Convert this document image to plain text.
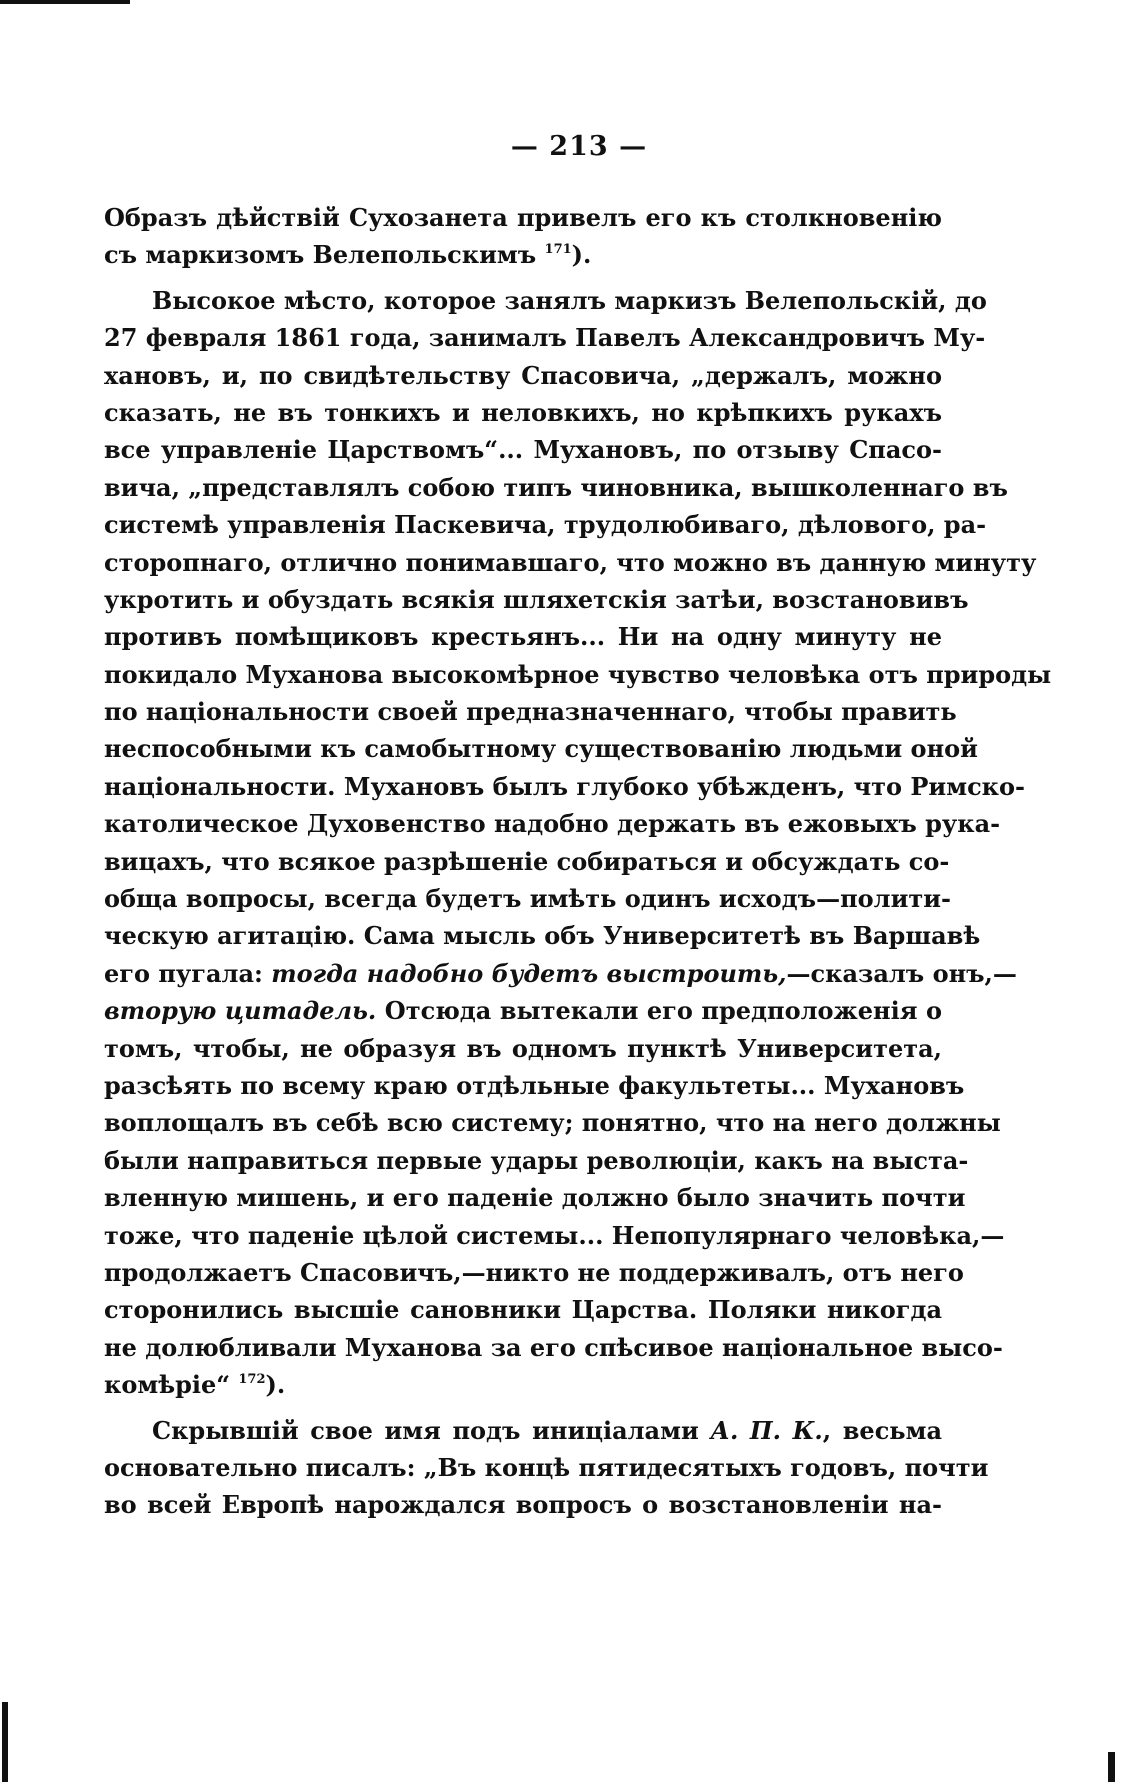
— 213 —
Образъ дѣйствій Сухозанета привелъ его къ столкновенію
съ маркизомъ Велепольскимъ $^{171}$).
Высокое мѣсто, которое занялъ маркизъ Велепольскій, до
27 февраля 1861 года, занималъ Павелъ Александровичъ Му-
хановъ, и, по свидѣтельству Спасовича, „держалъ, можно
сказать, не въ тонкихъ и неловкихъ, но крѣпкихъ рукахъ
все управленіе Царствомъ“... Мухановъ, по отзыву Спасо-
вича, „представлялъ собою типъ чиновника, вышколеннаго въ
системѣ управленія Паскевича, трудолюбиваго, дѣлового, ра-
сторопнаго, отлично понимавшаго, что можно въ данную минуту
укротить и обуздать всякія шляхетскія затѣи, возстановивъ
противъ помѣщиковъ крестьянъ... Ни на одну минуту не
покидало Муханова высокомѣрное чувство человѣка отъ природы
по національности своей предназначеннаго, чтобы править
неспособными къ самобытному существованію людьми оной
національности. Мухановъ былъ глубоко убѣжденъ, что Римско-
католическое Духовенство надобно держать въ ежовыхъ рука-
вицахъ, что всякое разрѣшеніе собираться и обсуждать со-
обща вопросы, всегда будетъ имѣть одинъ исходъ—полити-
ческую агитацію. Сама мысль объ Университетѣ въ Варшавѣ
его пугала: тогда надобно будетъ выстроить,—сказалъ онъ,—
вторую цитадель. Отсюда вытекали его предположенія о
томъ, чтобы, не образуя въ одномъ пунктѣ Университета,
разсѣять по всему краю отдѣльные факультеты... Мухановъ
воплощалъ въ себѣ всю систему; понятно, что на него должны
были направиться первые удары революціи, какъ на выста-
вленную мишень, и его паденіе должно было значить почти
тоже, что паденіе цѣлой системы... Непопулярнаго человѣка,—
продолжаетъ Спасовичъ,—никто не поддерживалъ, отъ него
сторонились высшіе сановники Царства. Поляки никогда
не долюбливали Муханова за его спѣсивое національное высо-
комѣріе“ $^{172}$).
Скрывшій свое имя подъ иниціалами А. П. К., весьма
основательно писалъ: „Въ концѣ пятидесятыхъ годовъ, почти
во всей Европѣ нарождался вопросъ о возстановленіи на-
